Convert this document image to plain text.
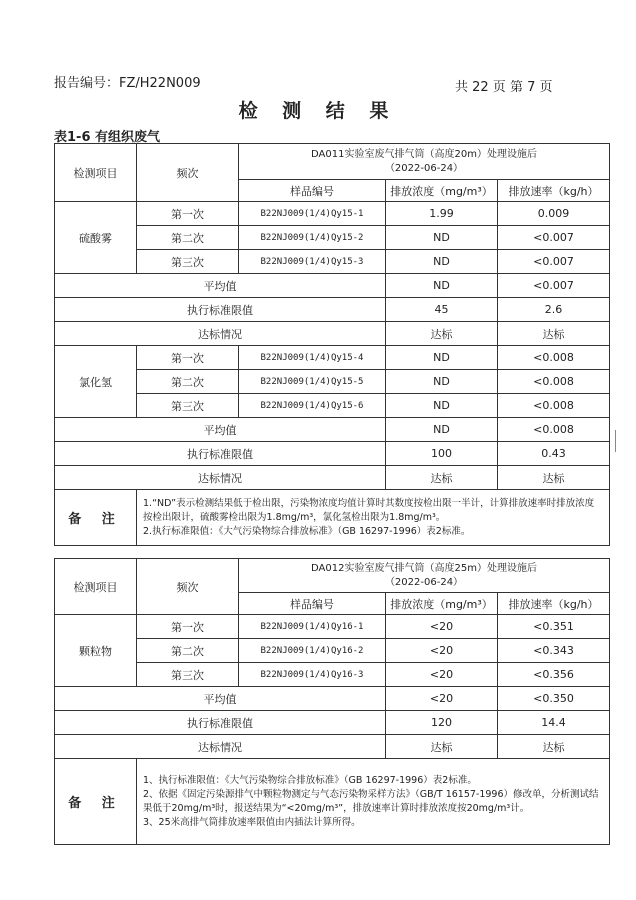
报告编号：FZ/H22N009	共 22 页 第 7 页
检 测 结 果
表1-6 有组织废气
检测项目	频次	DA011实验室废气排气筒（高度20m）处理设施后
（2022-06-24）		

		样品编号	排放浓度（mg/m³）	排放速率（kg/h）
硫酸雾	第一次	B22NJ009(1/4)Qy15-1	1.99	0.009
	第二次	B22NJ009(1/4)Qy15-2	ND	<0.007
	第三次	B22NJ009(1/4)Qy15-3	ND	<0.007
平均值			ND	<0.007
执行标准限值			45	2.6
达标情况			达标	达标
氯化氢	第一次	B22NJ009(1/4)Qy15-4	ND	<0.008
	第二次	B22NJ009(1/4)Qy15-5	ND	<0.008
	第三次	B22NJ009(1/4)Qy15-6	ND	<0.008
平均值			ND	<0.008
执行标准限值			100	0.43
达标情况			达标	达标
备 注	1.“ND”表示检测结果低于检出限，污染物浓度均值计算时其数度按检出限一半计，计算排放速率时排放浓度按检出限计，硫酸雾检出限为1.8mg/m³，氯化氢检出限为1.8mg/m³。
2.执行标准限值：《大气污染物综合排放标准》（GB 16297-1996）表2标准。			
检测项目	频次	DA012实验室废气排气筒（高度25m）处理设施后
（2022-06-24）		

		样品编号	排放浓度（mg/m³）	排放速率（kg/h）
颗粒物	第一次	B22NJ009(1/4)Qy16-1	<20	<0.351
	第二次	B22NJ009(1/4)Qy16-2	<20	<0.343
	第三次	B22NJ009(1/4)Qy16-3	<20	<0.356
平均值			<20	<0.350
执行标准限值			120	14.4
达标情况			达标	达标
备 注	1、执行标准限值：《大气污染物综合排放标准》（GB 16297-1996）表2标准。
2、依据《固定污染源排气中颗粒物测定与气态污染物采样方法》（GB/T 16157-1996）修改单，分析测试结果低于20mg/m³时，报送结果为“<20mg/m³”，排放速率计算时排放浓度按20mg/m³计。
3、25米高排气筒排放速率限值由内插法计算所得。			
